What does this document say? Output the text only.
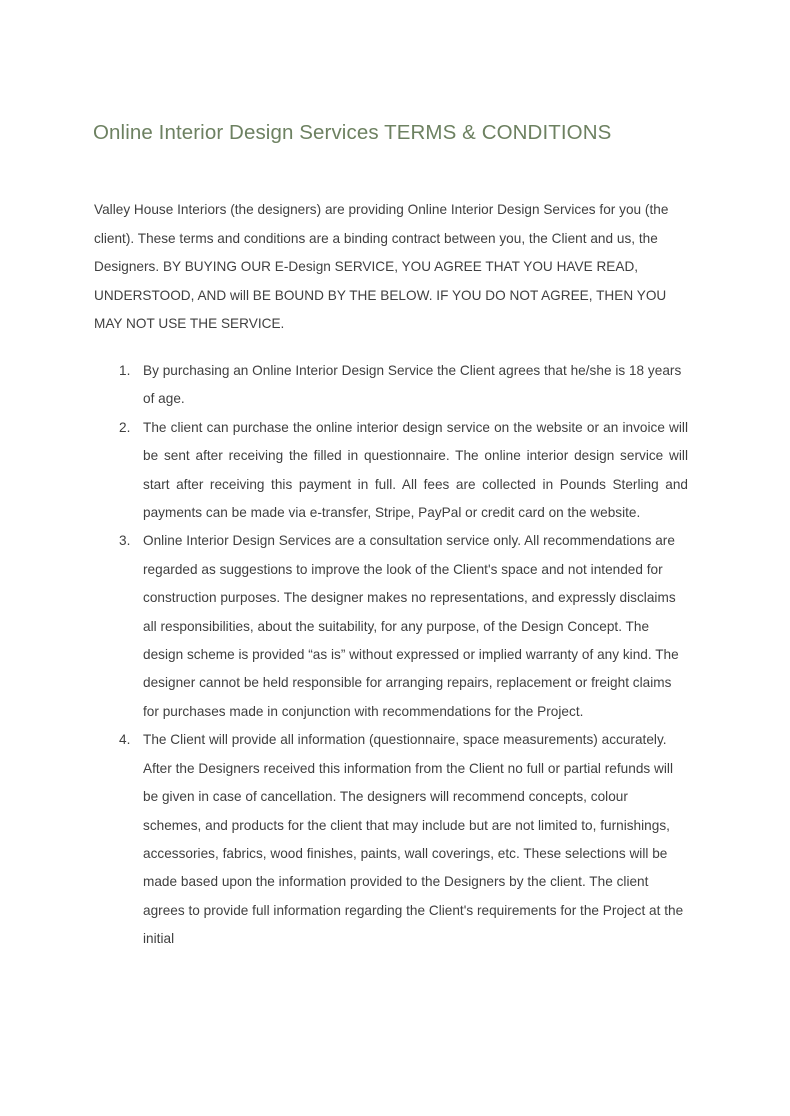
Online Interior Design Services TERMS & CONDITIONS

Valley House Interiors (the designers) are providing Online Interior Design Services for you (the client). These terms and conditions are a binding contract between you, the Client and us, the Designers. BY BUYING OUR E-Design SERVICE, YOU AGREE THAT YOU HAVE READ, UNDERSTOOD, AND will BE BOUND BY THE BELOW. IF YOU DO NOT AGREE, THEN YOU MAY NOT USE THE SERVICE.

1. By purchasing an Online Interior Design Service the Client agrees that he/she is 18 years of age.
2. The client can purchase the online interior design service on the website or an invoice will be sent after receiving the filled in questionnaire. The online interior design service will start after receiving this payment in full. All fees are collected in Pounds Sterling and payments can be made via e-transfer, Stripe, PayPal or credit card on the website.
3. Online Interior Design Services are a consultation service only. All recommendations are regarded as suggestions to improve the look of the Client's space and not intended for construction purposes. The designer makes no representations, and expressly disclaims all responsibilities, about the suitability, for any purpose, of the Design Concept. The design scheme is provided “as is” without expressed or implied warranty of any kind. The designer cannot be held responsible for arranging repairs, replacement or freight claims for purchases made in conjunction with recommendations for the Project.
4. The Client will provide all information (questionnaire, space measurements) accurately. After the Designers received this information from the Client no full or partial refunds will be given in case of cancellation. The designers will recommend concepts, colour schemes, and products for the client that may include but are not limited to, furnishings, accessories, fabrics, wood finishes, paints, wall coverings, etc. These selections will be made based upon the information provided to the Designers by the client. The client agrees to provide full information regarding the Client's requirements for the Project at the initial
